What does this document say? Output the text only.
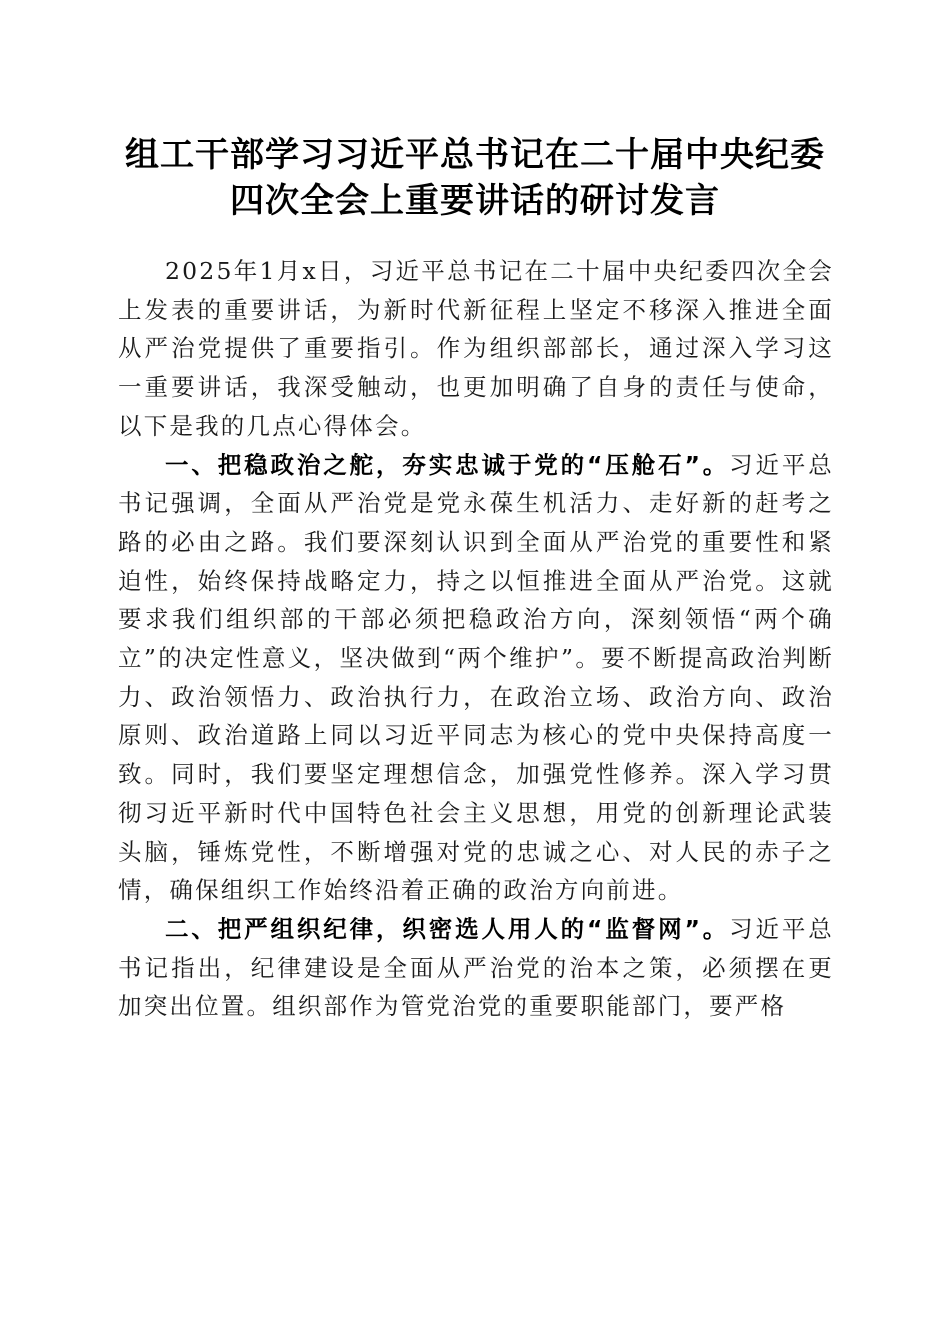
组工干部学习习近平总书记在二十届中央纪委
四次全会上重要讲话的研讨发言

2025年1月x日，习近平总书记在二十届中央纪委四次全会上发表的重要讲话，为新时代新征程上坚定不移深入推进全面从严治党提供了重要指引。作为组织部部长，通过深入学习这一重要讲话，我深受触动，也更加明确了自身的责任与使命，以下是我的几点心得体会。

一、把稳政治之舵，夯实忠诚于党的“压舱石”。习近平总书记强调，全面从严治党是党永葆生机活力、走好新的赶考之路的必由之路。我们要深刻认识到全面从严治党的重要性和紧迫性，始终保持战略定力，持之以恒推进全面从严治党。这就要求我们组织部的干部必须把稳政治方向，深刻领悟“两个确立”的决定性意义，坚决做到“两个维护”。要不断提高政治判断力、政治领悟力、政治执行力，在政治立场、政治方向、政治原则、政治道路上同以习近平同志为核心的党中央保持高度一致。同时，我们要坚定理想信念，加强党性修养。深入学习贯彻习近平新时代中国特色社会主义思想，用党的创新理论武装头脑，锤炼党性，不断增强对党的忠诚之心、对人民的赤子之情，确保组织工作始终沿着正确的政治方向前进。

二、把严组织纪律，织密选人用人的“监督网”。习近平总书记指出，纪律建设是全面从严治党的治本之策，必须摆在更加突出位置。组织部作为管党治党的重要职能部门，要严格
